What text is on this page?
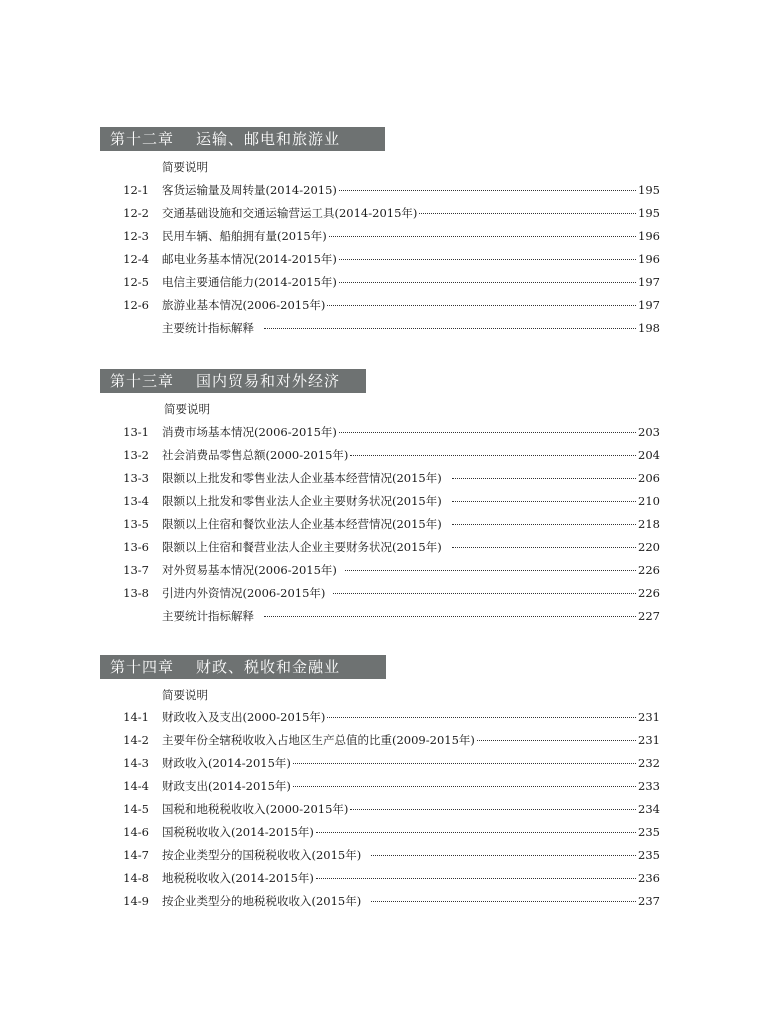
第十二章 运输、邮电和旅游业
简要说明
12-1 客货运输量及周转量(2014-2015)	195
12-2 交通基础设施和交通运输营运工具(2014-2015年)	195
12-3 民用车辆、船舶拥有量(2015年)	196
12-4 邮电业务基本情况(2014-2015年)	196
12-5 电信主要通信能力(2014-2015年)	197
12-6 旅游业基本情况(2006-2015年)	197
主要统计指标解释	198
第十三章 国内贸易和对外经济
简要说明
13-1 消费市场基本情况(2006-2015年)	203
13-2 社会消费品零售总额(2000-2015年)	204
13-3 限额以上批发和零售业法人企业基本经营情况(2015年)	206
13-4 限额以上批发和零售业法人企业主要财务状况(2015年)	210
13-5 限额以上住宿和餐饮业法人企业基本经营情况(2015年)	218
13-6 限额以上住宿和餐营业法人企业主要财务状况(2015年)	220
13-7 对外贸易基本情况(2006-2015年)	226
13-8 引进内外资情况(2006-2015年)	226
主要统计指标解释	227
第十四章 财政、税收和金融业
简要说明
14-1 财政收入及支出(2000-2015年)	231
14-2 主要年份全辖税收收入占地区生产总值的比重(2009-2015年)	231
14-3 财政收入(2014-2015年)	232
14-4 财政支出(2014-2015年)	233
14-5 国税和地税税收收入(2000-2015年)	234
14-6 国税税收收入(2014-2015年)	235
14-7 按企业类型分的国税税收收入(2015年)	235
14-8 地税税收收入(2014-2015年)	236
14-9 按企业类型分的地税税收收入(2015年)	237
